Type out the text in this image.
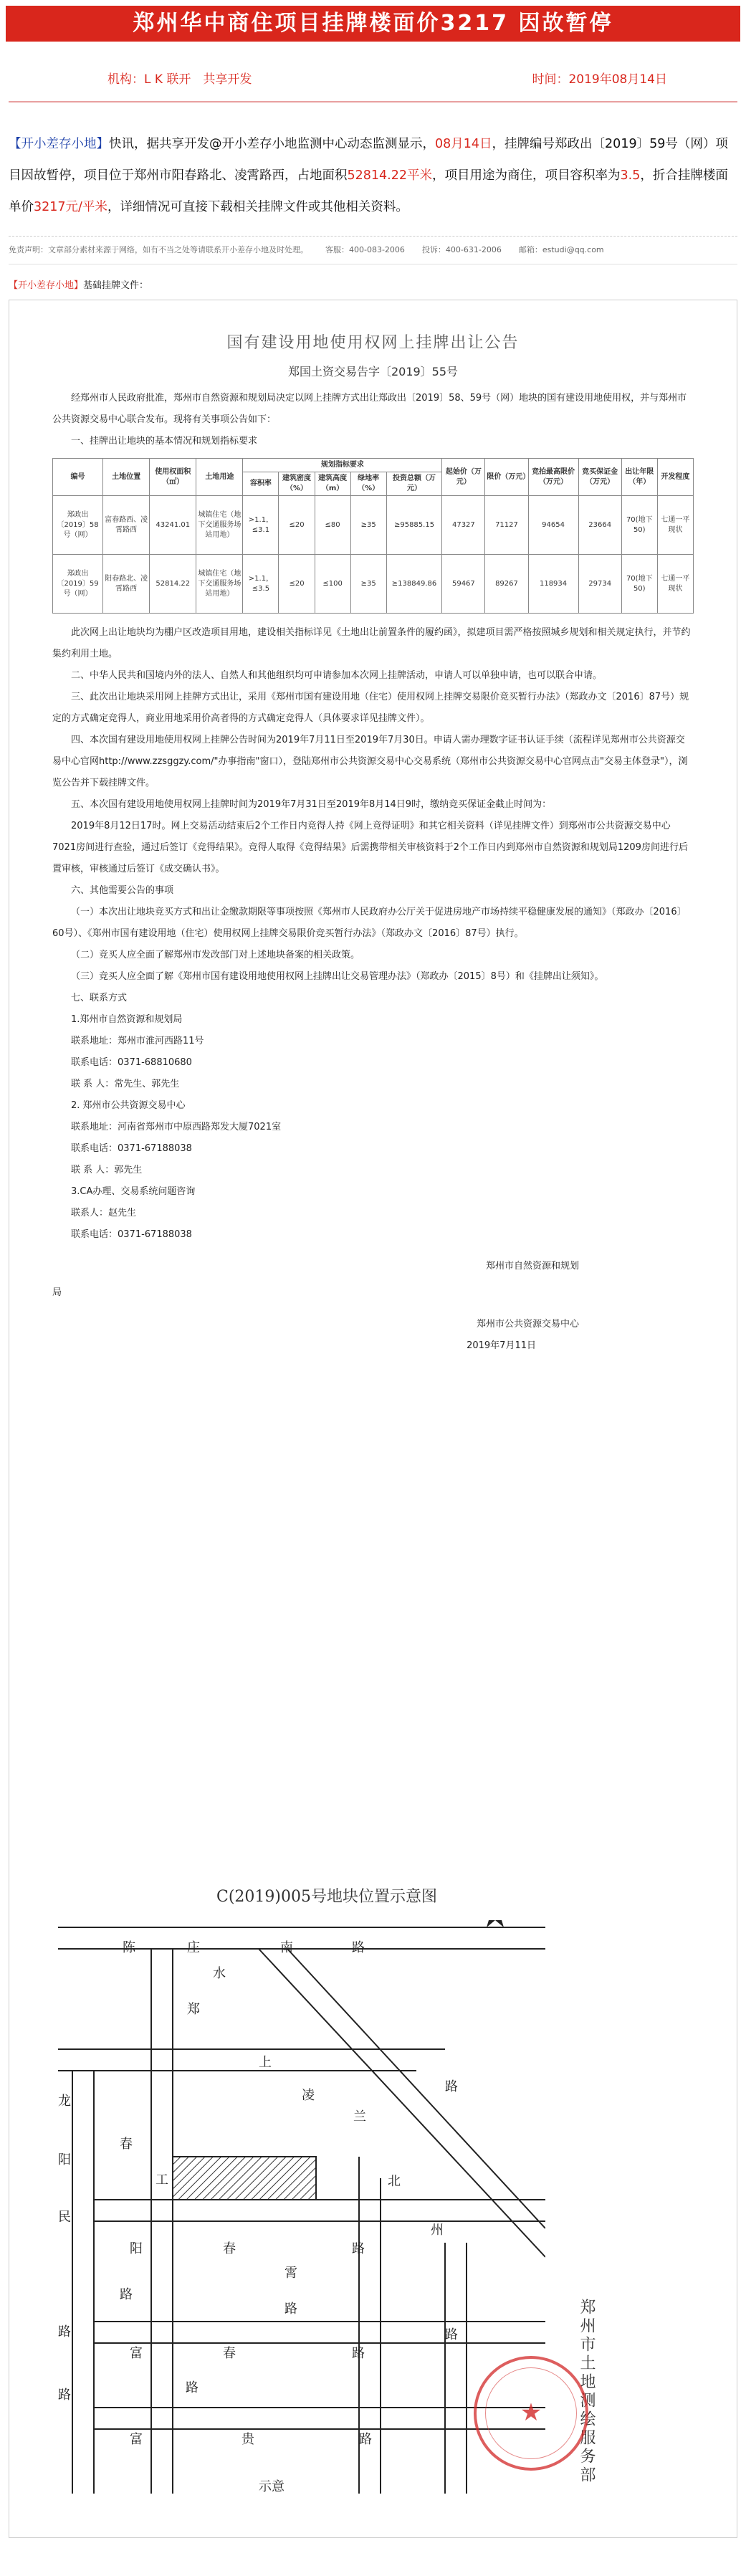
郑州华中商住项目挂牌楼面价3217 因故暂停
机构：L K 联开　共享开发	时间：2019年08月14日
【开小差存小地】快讯，据共享开发@开小差存小地监测中心动态监测显示，08月14日，挂牌编号郑政出〔2019〕59号（网）项目因故暂停，项目位于郑州市阳春路北、凌霄路西，占地面积52814.22平米，项目用途为商住，项目容积率为3.5，折合挂牌楼面单价3217元/平米，详细情况可直接下载相关挂牌文件或其他相关资料。
免责声明：文章部分素材来源于网络，如有不当之处等请联系开小差存小地及时处理。 客服：400-083-2006 投诉：400-631-2006 邮箱：estudi@qq.com
【开小差存小地】基础挂牌文件：
国有建设用地使用权网上挂牌出让公告
郑国土资交易告字〔2019〕55号

经郑州市人民政府批准，郑州市自然资源和规划局决定以网上挂牌方式出让郑政出〔2019〕58、59号（网）地块的国有建设用地使用权，并与郑州市公共资源交易中心联合发布。现将有关事项公告如下：

一、挂牌出让地块的基本情况和规划指标要求

编号	土地位置	使用权面积（㎡）	土地用途	规划指标要求					起始价（万元）	限价（万元）	竞拍最高限价（万元）	竞买保证金（万元）	出让年限（年）	开发程度
				容积率	建筑密度（%）	建筑高度（m）	绿地率（%）	投资总额（万元）						
郑政出〔2019〕58号（网）	富春路西、凌霄路西	43241.01	城镇住宅（地下交通服务场站用地）	>1.1，≤3.1	≤20	≤80	≥35	≥95885.15	47327	71127	94654	23664	70(地下50)	七通一平现状
郑政出〔2019〕59号（网）	阳春路北、凌霄路西	52814.22	城镇住宅（地下交通服务场站用地）	>1.1，≤3.5	≤20	≤100	≥35	≥138849.86	59467	89267	118934	29734	70(地下50)	七通一平现状

此次网上出让地块均为棚户区改造项目用地，建设相关指标详见《土地出让前置条件的履约函》，拟建项目需严格按照城乡规划和相关规定执行，并节约集约利用土地。

二、中华人民共和国境内外的法人、自然人和其他组织均可申请参加本次网上挂牌活动，申请人可以单独申请，也可以联合申请。

三、此次出让地块采用网上挂牌方式出让，采用《郑州市国有建设用地（住宅）使用权网上挂牌交易限价竞买暂行办法》（郑政办文〔2016〕87号）规定的方式确定竞得人，商业用地采用价高者得的方式确定竞得人（具体要求详见挂牌文件）。

四、本次国有建设用地使用权网上挂牌公告时间为2019年7月11日至2019年7月30日。申请人需办理数字证书认证手续（流程详见郑州市公共资源交易中心官网http://www.zzsggzy.com/"办事指南"窗口），登陆郑州市公共资源交易中心交易系统（郑州市公共资源交易中心官网点击"交易主体登录"），浏览公告并下载挂牌文件。

五、本次国有建设用地使用权网上挂牌时间为2019年7月31日至2019年8月14日9时，缴纳竞买保证金截止时间为：

2019年8月12日17时。网上交易活动结束后2个工作日内竞得人持《网上竞得证明》和其它相关资料（详见挂牌文件）到郑州市公共资源交易中心7021房间进行查验，通过后签订《竞得结果》。竞得人取得《竞得结果》后需携带相关审核资料于2个工作日内到郑州市自然资源和规划局1209房间进行后置审核，审核通过后签订《成交确认书》。

六、其他需要公告的事项

（一）本次出让地块竞买方式和出让金缴款期限等事项按照《郑州市人民政府办公厅关于促进房地产市场持续平稳健康发展的通知》（郑政办〔2016〕60号）、《郑州市国有建设用地（住宅）使用权网上挂牌交易限价竞买暂行办法》（郑政办文〔2016〕87号）执行。

（二）竞买人应全面了解郑州市发改部门对上述地块备案的相关政策。

（三）竞买人应全面了解《郑州市国有建设用地使用权网上挂牌出让交易管理办法》（郑政办〔2015〕8号）和《挂牌出让须知》。

七、联系方式

1.郑州市自然资源和规划局

联系地址：郑州市淮河西路11号

联系电话：0371-68810680

联 系 人：常先生、郭先生

2. 郑州市公共资源交易中心

联系地址：河南省郑州市中原西路郑发大厦7021室

联系电话：0371-67188038

联 系 人：郭先生

3.CA办理、交易系统问题咨询

联系人：赵先生

联系电话：0371-67188038

郑州市自然资源和规划
局
郑州市公共资源交易中心
2019年7月11日
C(2019)005号地块位置示意图
陈	庄
水
南	路
郑
上
龙	凌
兰
阳
春
工	北
民
州
阳	春	路
霄
路
路
富	春	路
富	贵	路
路
路
路
路
路
郑州市土地测绘服务部
示意
★
